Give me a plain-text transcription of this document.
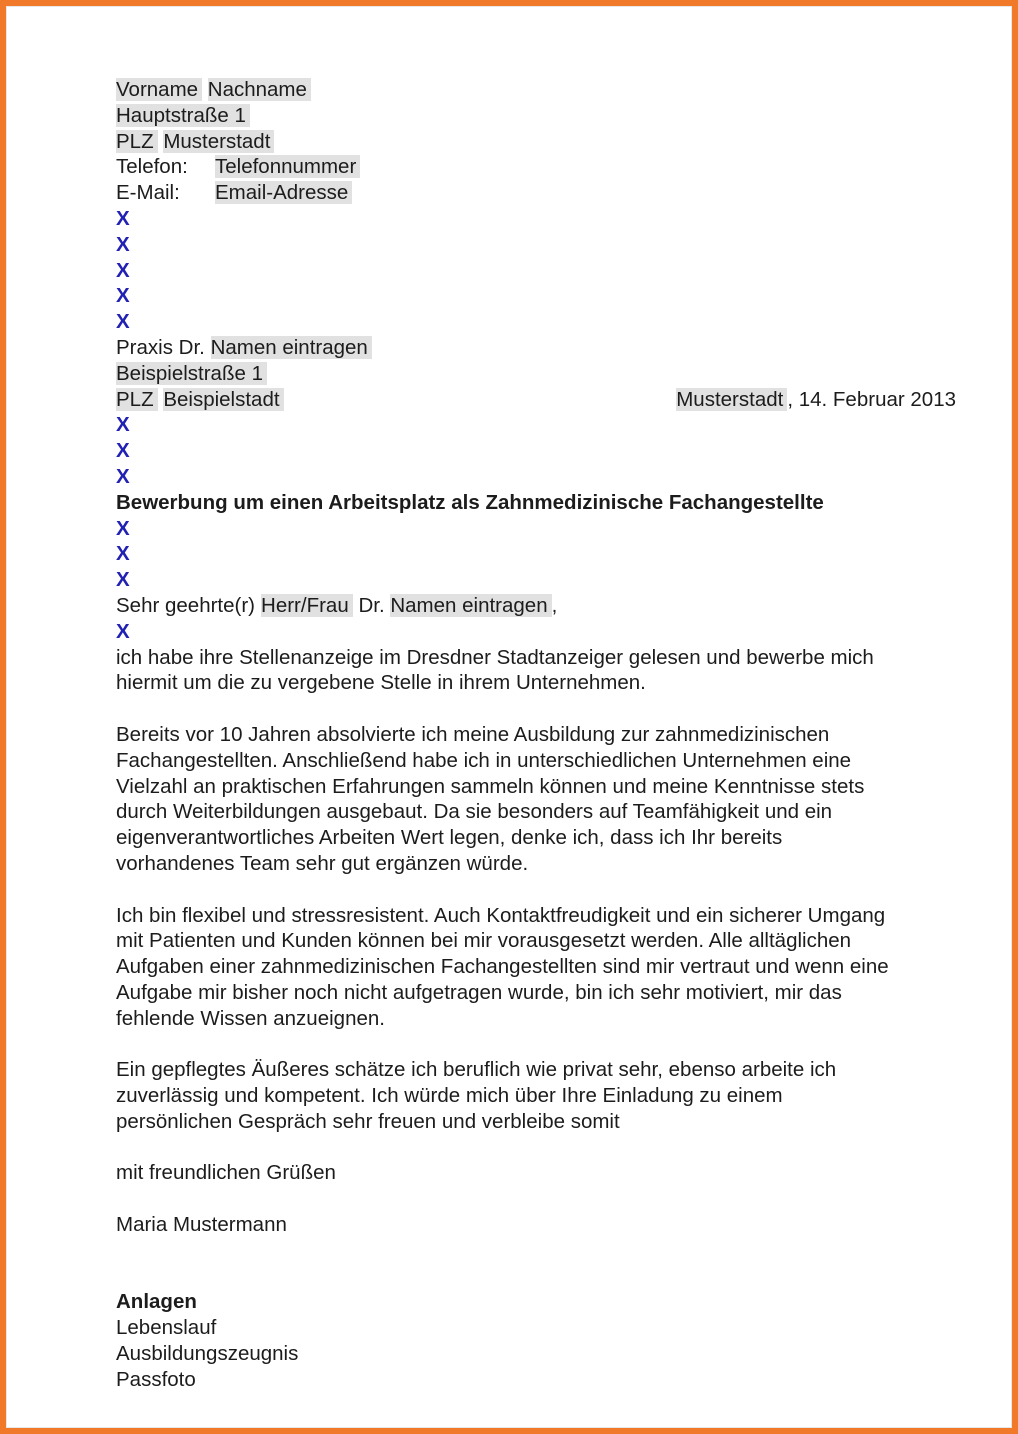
Vorname Nachname
Hauptstraße 1
PLZ Musterstadt
Telefon: Telefonnummer
E-Mail: Email-Adresse
X
X
X
X
X
Praxis Dr. Namen eintragen
Beispielstraße 1
PLZ Beispielstadt	Musterstadt , 14. Februar 2013
X
X
X
Bewerbung um einen Arbeitsplatz als Zahnmedizinische Fachangestellte
X
X
X
Sehr geehrte(r) Herr/Frau Dr. Namen eintragen ,
X
ich habe ihre Stellenanzeige im Dresdner Stadtanzeiger gelesen und bewerbe mich
hiermit um die zu vergebene Stelle in ihrem Unternehmen.
Bereits vor 10 Jahren absolvierte ich meine Ausbildung zur zahnmedizinischen
Fachangestellten. Anschließend habe ich in unterschiedlichen Unternehmen eine
Vielzahl an praktischen Erfahrungen sammeln können und meine Kenntnisse stets
durch Weiterbildungen ausgebaut. Da sie besonders auf Teamfähigkeit und ein
eigenverantwortliches Arbeiten Wert legen, denke ich, dass ich Ihr bereits
vorhandenes Team sehr gut ergänzen würde.
Ich bin flexibel und stressresistent. Auch Kontaktfreudigkeit und ein sicherer Umgang
mit Patienten und Kunden können bei mir vorausgesetzt werden. Alle alltäglichen
Aufgaben einer zahnmedizinischen Fachangestellten sind mir vertraut und wenn eine
Aufgabe mir bisher noch nicht aufgetragen wurde, bin ich sehr motiviert, mir das
fehlende Wissen anzueignen.
Ein gepflegtes Äußeres schätze ich beruflich wie privat sehr, ebenso arbeite ich
zuverlässig und kompetent. Ich würde mich über Ihre Einladung zu einem
persönlichen Gespräch sehr freuen und verbleibe somit
mit freundlichen Grüßen
Maria Mustermann
Anlagen
Lebenslauf
Ausbildungszeugnis
Passfoto
